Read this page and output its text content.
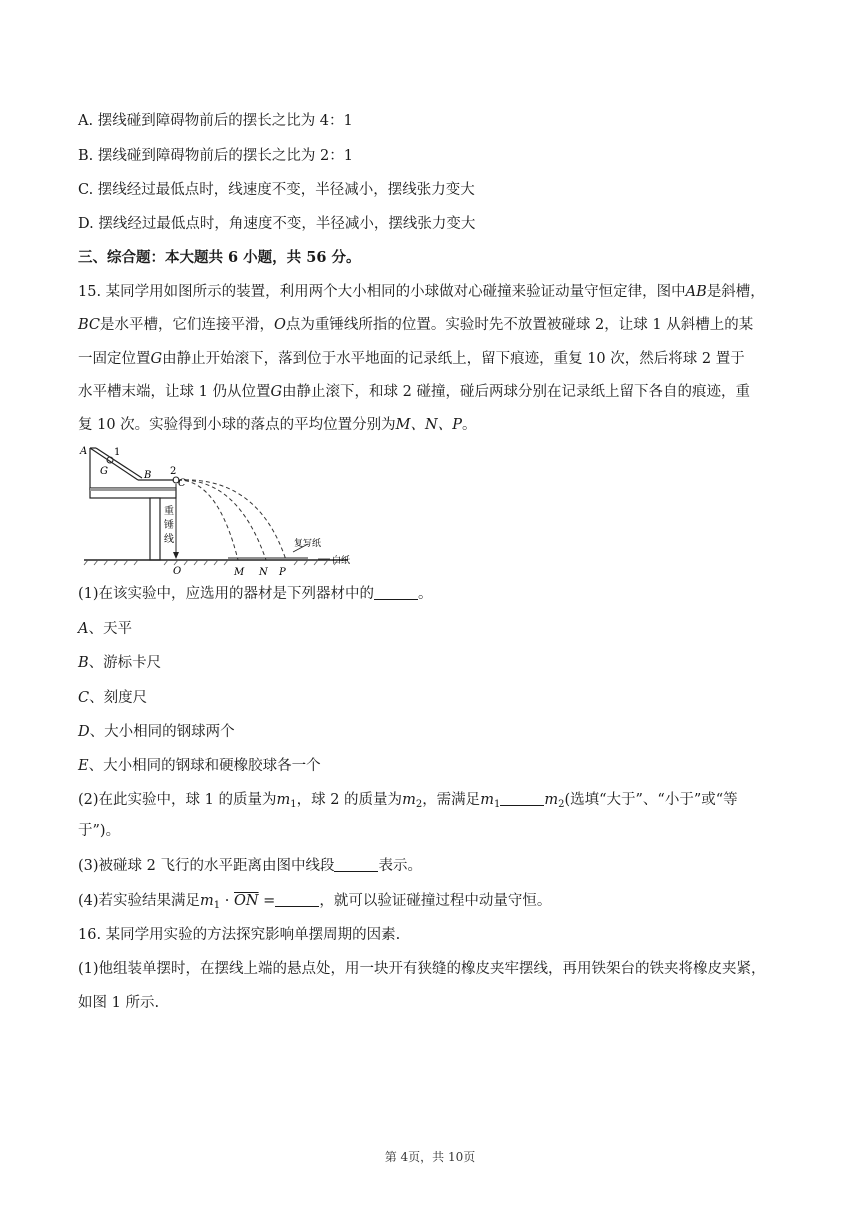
A. 摆线碰到障碍物前后的摆长之比为 4：1
B. 摆线碰到障碍物前后的摆长之比为 2：1
C. 摆线经过最低点时，线速度不变，半径减小，摆线张力变大
D. 摆线经过最低点时，角速度不变，半径减小，摆线张力变大
三、综合题：本大题共 6 小题，共 56 分。
15. 某同学用如图所示的装置，利用两个大小相同的小球做对心碰撞来验证动量守恒定律，图中AB是斜槽，
BC是水平槽，它们连接平滑，O点为重锤线所指的位置。实验时先不放置被碰球 2，让球 1 从斜槽上的某
一固定位置G由静止开始滚下，落到位于水平地面的记录纸上，留下痕迹，重复 10 次，然后将球 2 置于
水平槽末端，让球 1 仍从位置G由静止滚下，和球 2 碰撞，碰后两球分别在记录纸上留下各自的痕迹，重
复 10 次。实验得到小球的落点的平均位置分别为M、N、P。
A	1
G	B 2
C
重
锤
线
O	M N P
复写纸
白纸
(1)在该实验中，应选用的器材是下列器材中的	。
A、天平
B、游标卡尺
C、刻度尺
D、大小相同的钢球两个
E、大小相同的钢球和硬橡胶球各一个
(2)在此实验中，球 1 的质量为$m_1$，球 2 的质量为$m_2$，需满足$m_1$	$m_2$(选填“大于”、“小于”或“等
于”)。
(3)被碰球 2 飞行的水平距离由图中线段	表示。
(4)若实验结果满足$m_1 \cdot \overline{ON}$ =	，就可以验证碰撞过程中动量守恒。
16. 某同学用实验的方法探究影响单摆周期的因素.
(1)他组装单摆时，在摆线上端的悬点处，用一块开有狭缝的橡皮夹牢摆线，再用铁架台的铁夹将橡皮夹紧，
如图 1 所示.
第 4页，共 10页
